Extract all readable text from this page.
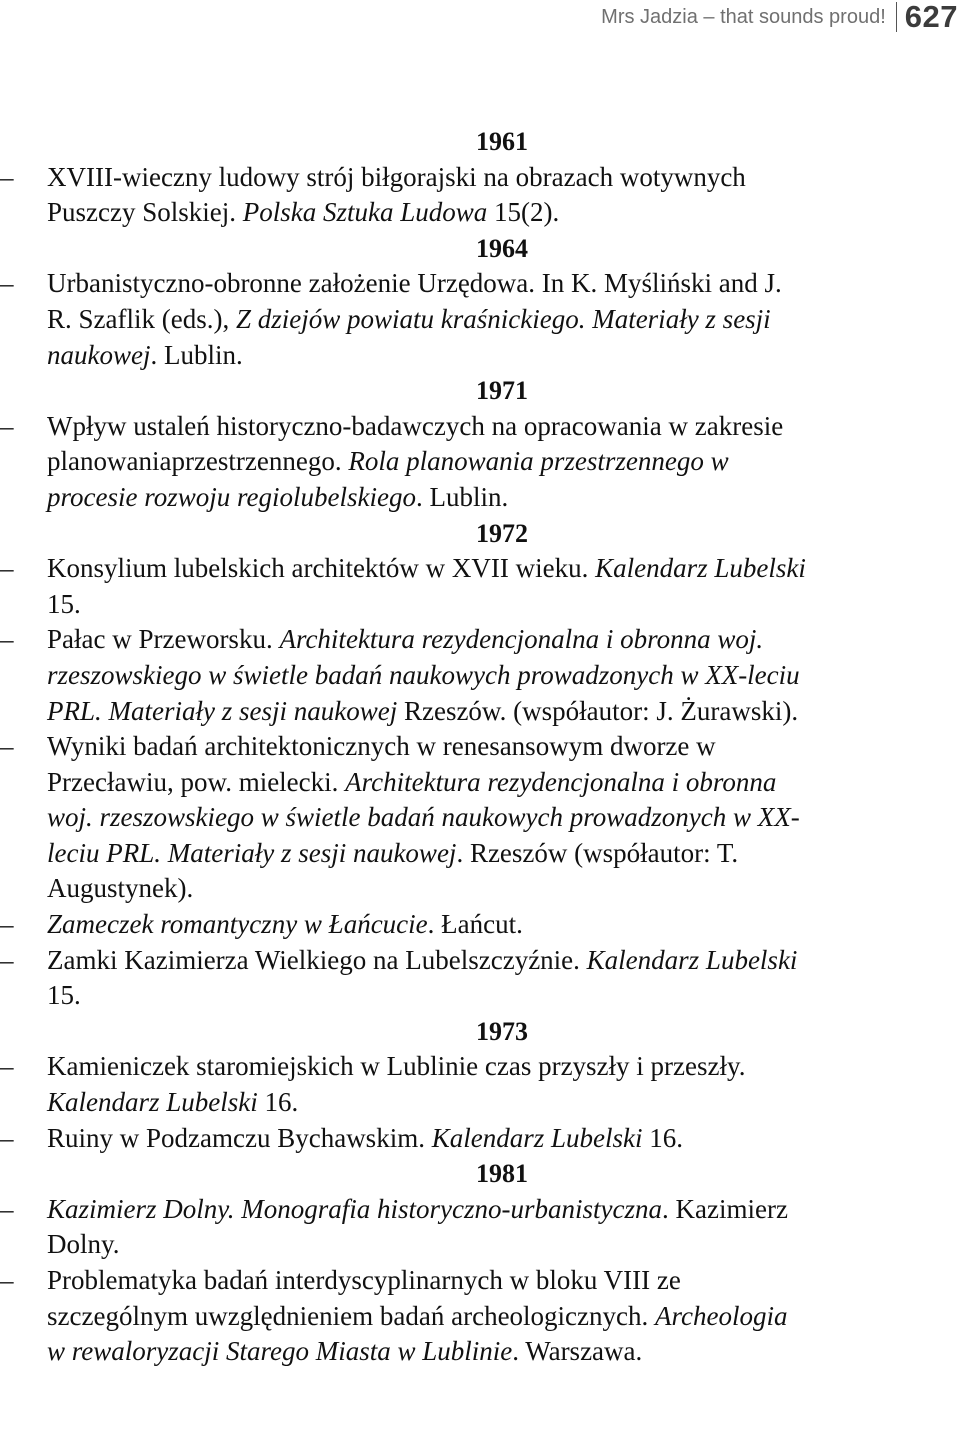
Mrs Jadzia – that sounds proud! 627
1961
– XVIII-wieczny ludowy strój biłgorajski na obrazach wotywnych Puszczy Solskiej. Polska Sztuka Ludowa 15(2).
1964
– Urbanistyczno-obronne założenie Urzędowa. In K. Myśliński and J. R. Szaflik (eds.), Z dziejów powiatu kraśnickiego. Materiały z sesji naukowej. Lublin.
1971
– Wpływ ustaleń historyczno-badawczych na opracowania w zakresie planowaniaprzestrzennego. Rola planowania przestrzennego w procesie rozwoju regiolubelskiego. Lublin.
1972
– Konsylium lubelskich architektów w XVII wieku. Kalendarz Lubelski 15.
– Pałac w Przeworsku. Architektura rezydencjonalna i obronna woj. rzeszowskiego w świetle badań naukowych prowadzonych w XX-leciu PRL. Materiały z sesji naukowej Rzeszów. (współautor: J. Żurawski).
– Wyniki badań architektonicznych w renesansowym dworze w Przecławiu, pow. mielecki. Architektura rezydencjonalna i obronna woj. rzeszowskiego w świetle badań naukowych prowadzonych w XX-leciu PRL. Materiały z sesji naukowej. Rzeszów (współautor: T. Augustynek).
– Zameczek romantyczny w Łańcucie. Łańcut.
– Zamki Kazimierza Wielkiego na Lubelszczyźnie. Kalendarz Lubelski 15.
1973
– Kamieniczek staromiejskich w Lublinie czas przyszły i przeszły. Kalendarz Lubelski 16.
– Ruiny w Podzamczu Bychawskim. Kalendarz Lubelski 16.
1981
– Kazimierz Dolny. Monografia historyczno-urbanistyczna. Kazimierz Dolny.
– Problematyka badań interdyscyplinarnych w bloku VIII ze szczególnym uwzględnieniem badań archeologicznych. Archeologia w rewaloryzacji Starego Miasta w Lublinie. Warszawa.
